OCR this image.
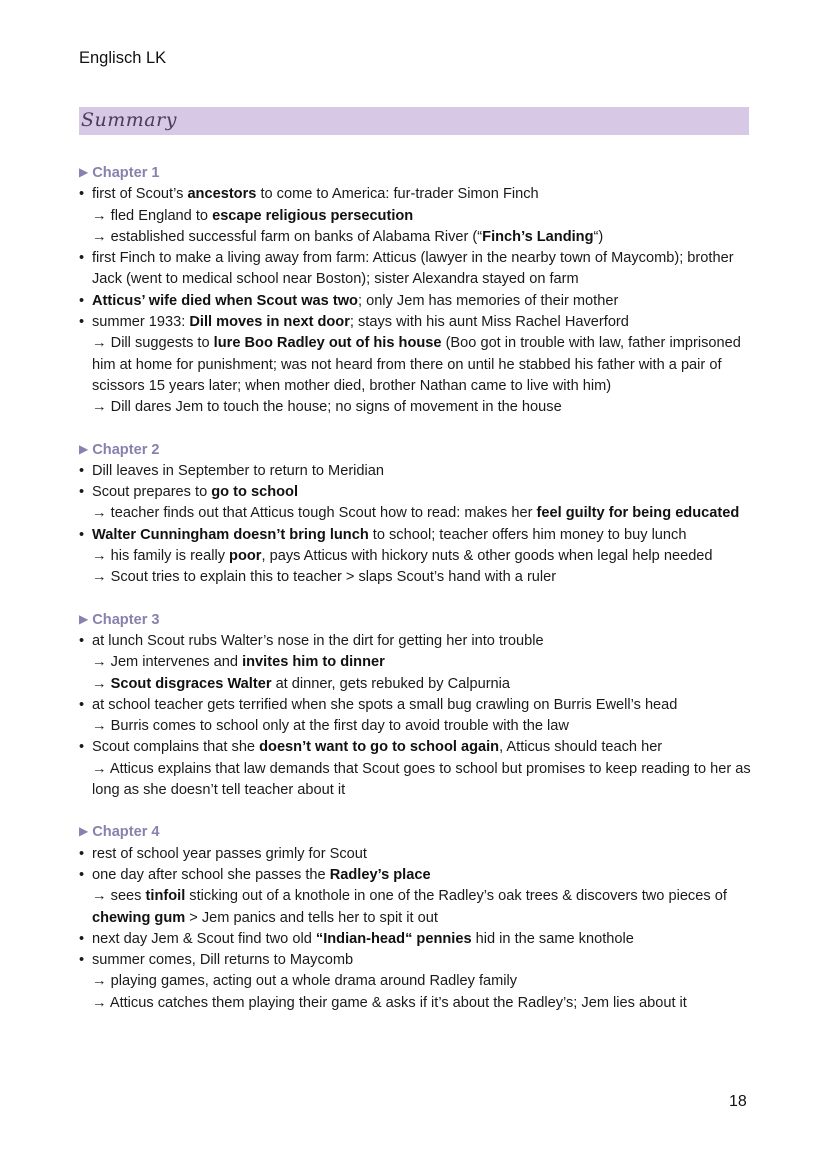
Englisch LK
Summary
▶ Chapter 1
• first of Scout’s ancestors to come to America: fur-trader Simon Finch
→ fled England to escape religious persecution
→ established successful farm on banks of Alabama River (“Finch’s Landing“)
• first Finch to make a living away from farm: Atticus (lawyer in the nearby town of Maycomb); brother Jack (went to medical school near Boston); sister Alexandra stayed on farm
• Atticus’ wife died when Scout was two; only Jem has memories of their mother
• summer 1933: Dill moves in next door; stays with his aunt Miss Rachel Haverford
→ Dill suggests to lure Boo Radley out of his house (Boo got in trouble with law, father imprisoned him at home for punishment; was not heard from there on until he stabbed his father with a pair of scissors 15 years later; when mother died, brother Nathan came to live with him)
→ Dill dares Jem to touch the house; no signs of movement in the house
▶ Chapter 2
• Dill leaves in September to return to Meridian
• Scout prepares to go to school
→ teacher finds out that Atticus tough Scout how to read: makes her feel guilty for being educated
• Walter Cunningham doesn’t bring lunch to school; teacher offers him money to buy lunch
→ his family is really poor, pays Atticus with hickory nuts & other goods when legal help needed
→ Scout tries to explain this to teacher > slaps Scout’s hand with a ruler
▶ Chapter 3
• at lunch Scout rubs Walter’s nose in the dirt for getting her into trouble
→ Jem intervenes and invites him to dinner
→ Scout disgraces Walter at dinner, gets rebuked by Calpurnia
• at school teacher gets terrified when she spots a small bug crawling on Burris Ewell’s head
→ Burris comes to school only at the first day to avoid trouble with the law
• Scout complains that she doesn’t want to go to school again, Atticus should teach her
→ Atticus explains that law demands that Scout goes to school but promises to keep reading to her as long as she doesn’t tell teacher about it
▶ Chapter 4
• rest of school year passes grimly for Scout
• one day after school she passes the Radley’s place
→ sees tinfoil sticking out of a knothole in one of the Radley’s oak trees & discovers two pieces of chewing gum > Jem panics and tells her to spit it out
• next day Jem & Scout find two old “Indian-head“ pennies hid in the same knothole
• summer comes, Dill returns to Maycomb
→ playing games, acting out a whole drama around Radley family
→ Atticus catches them playing their game & asks if it’s about the Radley’s; Jem lies about it
18
